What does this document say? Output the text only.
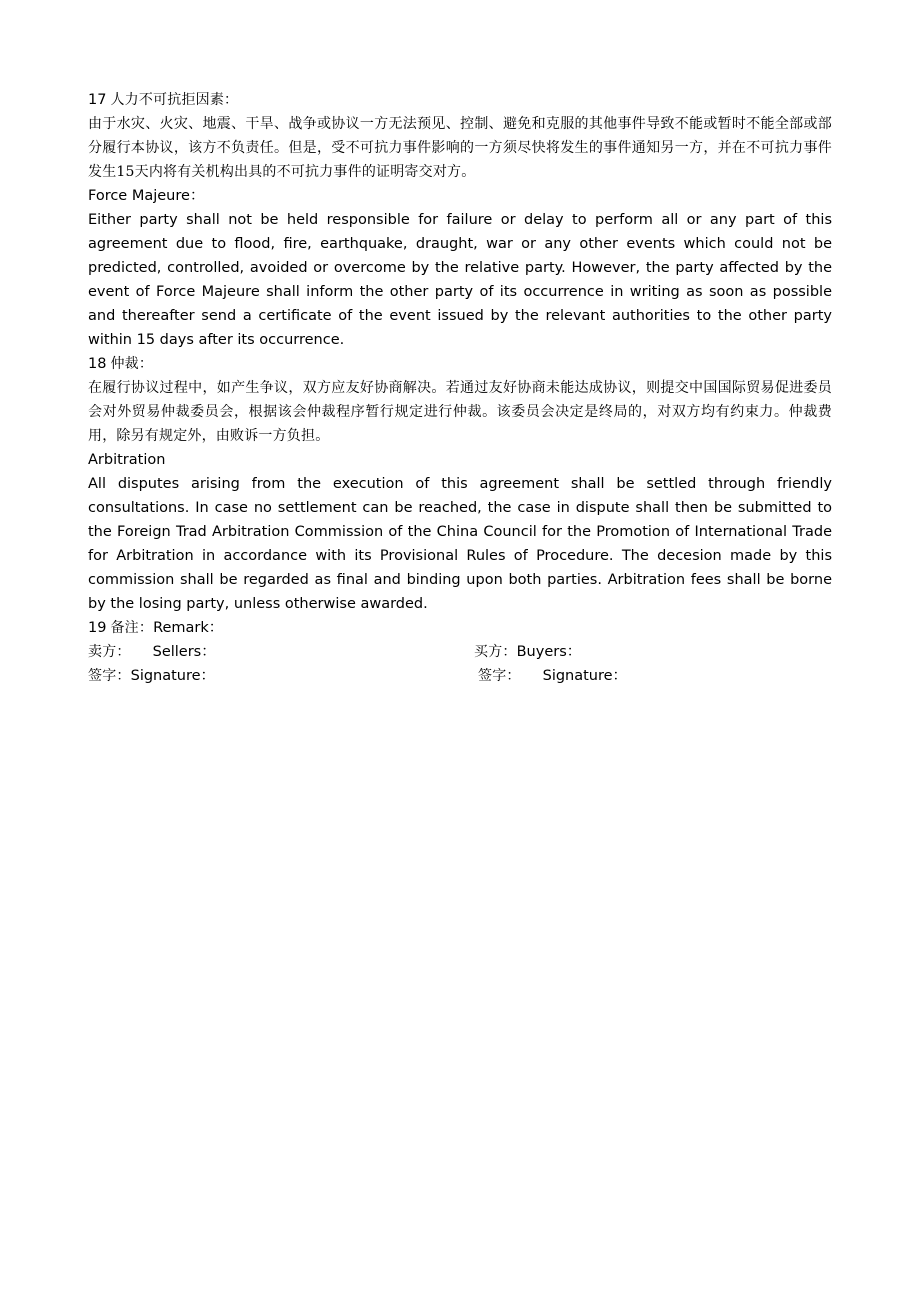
17 人力不可抗拒因素：
由于水灾、火灾、地震、干旱、战争或协议一方无法预见、控制、避免和克服的其他事件导致不能或暂时不能全部或部分履行本协议，该方不负责任。但是，受不可抗力事件影响的一方须尽快将发生的事件通知另一方，并在不可抗力事件发生15天内将有关机构出具的不可抗力事件的证明寄交对方。
Force Majeure：
Either party shall not be held responsible for failure or delay to perform all or any part of this agreement due to flood, fire, earthquake, draught, war or any other events which could not be predicted, controlled, avoided or overcome by the relative party. However, the party affected by the event of Force Majeure shall inform the other party of its occurrence in writing as soon as possible and thereafter send a certificate of the event issued by the relevant authorities to the other party within 15 days after its occurrence.
18 仲裁：
在履行协议过程中，如产生争议，双方应友好协商解决。若通过友好协商未能达成协议，则提交中国国际贸易促进委员会对外贸易仲裁委员会，根据该会仲裁程序暂行规定进行仲裁。该委员会决定是终局的，对双方均有约束力。仲裁费用，除另有规定外，由败诉一方负担。
Arbitration
All disputes arising from the execution of this agreement shall be settled through friendly consultations. In case no settlement can be reached, the case in dispute shall then be submitted to the Foreign Trad Arbitration Commission of the China Council for the Promotion of International Trade for Arbitration in accordance with its Provisional Rules of Procedure. The decesion made by this commission shall be regarded as final and binding upon both parties. Arbitration fees shall be borne by the losing party, unless otherwise awarded.
19 备注：Remark：
卖方： Sellers：	买方：Buyers：
签字：Signature：	签字： Signature：
